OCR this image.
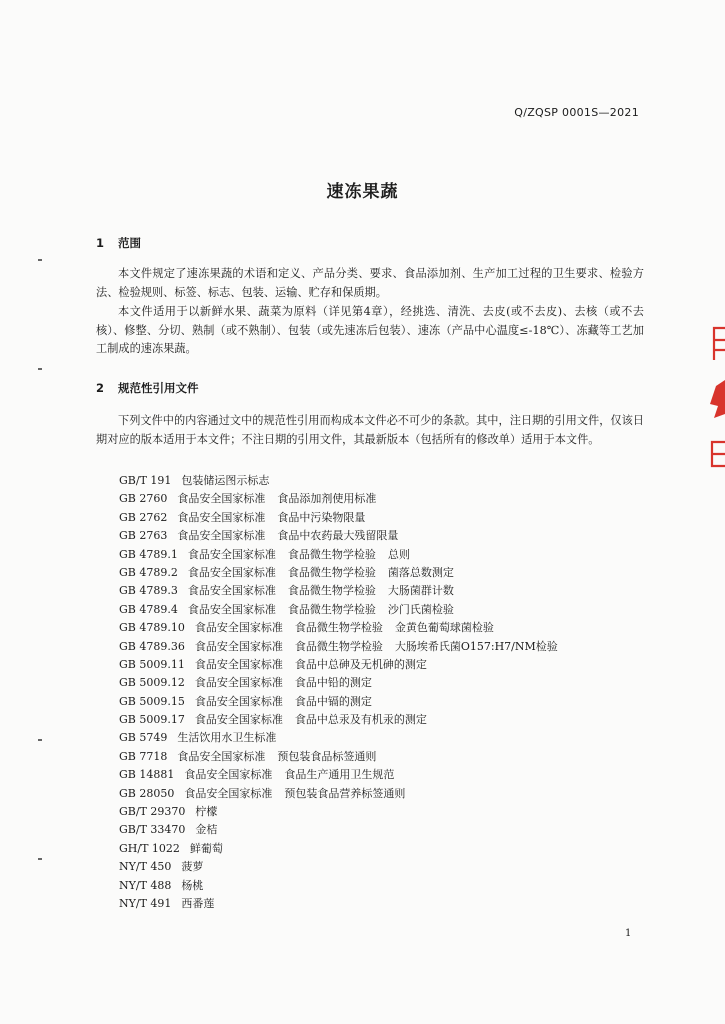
Q/ZQSP 0001S—2021
速冻果蔬
1 范围
本文件规定了速冻果蔬的术语和定义、产品分类、要求、食品添加剂、生产加工过程的卫生要求、检验方法、检验规则、标签、标志、包装、运输、贮存和保质期。
本文件适用于以新鲜水果、蔬菜为原料（详见第4章），经挑选、清洗、去皮(或不去皮)、去核（或不去核）、修整、分切、熟制（或不熟制）、包装（或先速冻后包装）、速冻（产品中心温度≤-18℃）、冻藏等工艺加工制成的速冻果蔬。
2 规范性引用文件
下列文件中的内容通过文中的规范性引用而构成本文件必不可少的条款。其中，注日期的引用文件，仅该日期对应的版本适用于本文件；不注日期的引用文件，其最新版本（包括所有的修改单）适用于本文件。
GB/T 191 包装储运图示标志
GB 2760 食品安全国家标准 食品添加剂使用标准
GB 2762 食品安全国家标准 食品中污染物限量
GB 2763 食品安全国家标准 食品中农药最大残留限量
GB 4789.1 食品安全国家标准 食品微生物学检验 总则
GB 4789.2 食品安全国家标准 食品微生物学检验 菌落总数测定
GB 4789.3 食品安全国家标准 食品微生物学检验 大肠菌群计数
GB 4789.4 食品安全国家标准 食品微生物学检验 沙门氏菌检验
GB 4789.10 食品安全国家标准 食品微生物学检验 金黄色葡萄球菌检验
GB 4789.36 食品安全国家标准 食品微生物学检验 大肠埃希氏菌O157:H7/NM检验
GB 5009.11 食品安全国家标准 食品中总砷及无机砷的测定
GB 5009.12 食品安全国家标准 食品中铅的测定
GB 5009.15 食品安全国家标准 食品中镉的测定
GB 5009.17 食品安全国家标准 食品中总汞及有机汞的测定
GB 5749 生活饮用水卫生标准
GB 7718 食品安全国家标准 预包装食品标签通则
GB 14881 食品安全国家标准 食品生产通用卫生规范
GB 28050 食品安全国家标准 预包装食品营养标签通则
GB/T 29370 柠檬
GB/T 33470 金桔
GH/T 1022 鲜葡萄
NY/T 450 菠萝
NY/T 488 杨桃
NY/T 491 西番莲
1
